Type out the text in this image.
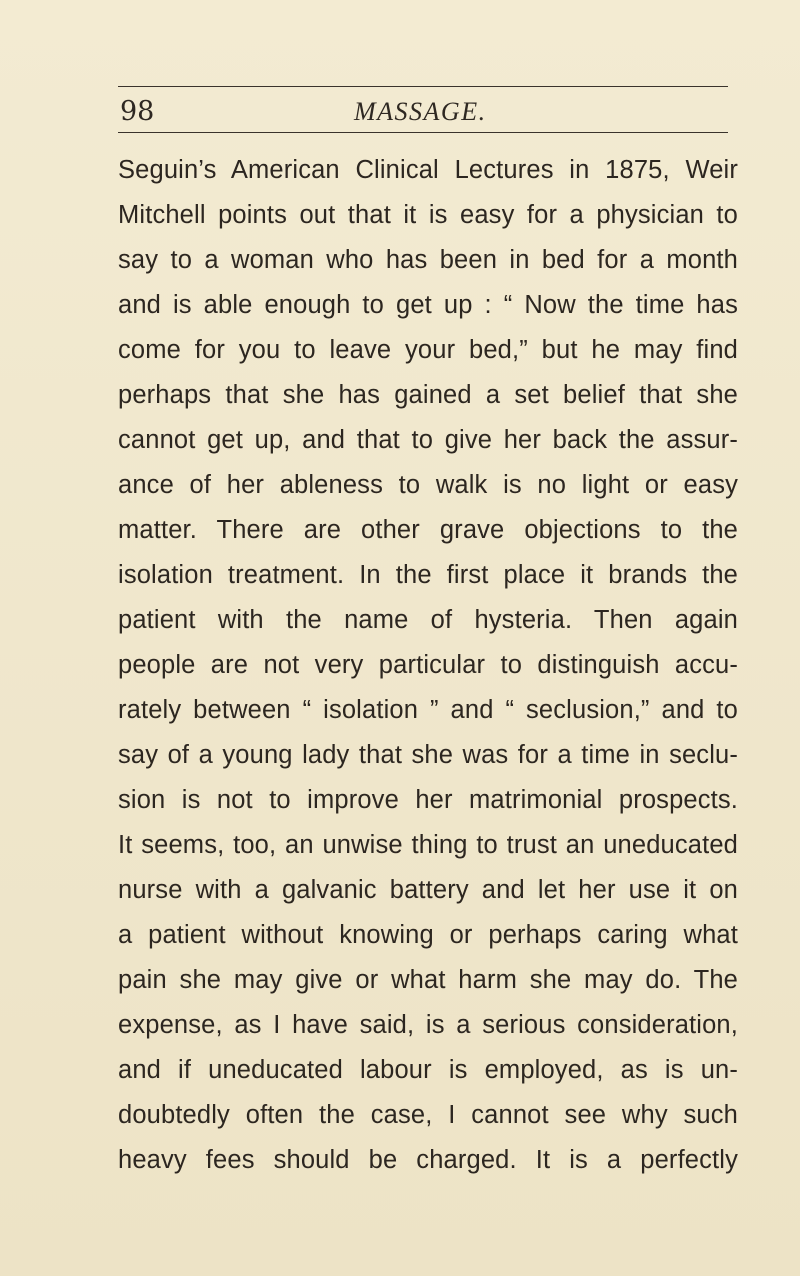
98	MASSAGE.
Seguin’s American Clinical Lectures in 1875, Weir
Mitchell points out that it is easy for a physician to
say to a woman who has been in bed for a month
and is able enough to get up : “ Now the time has
come for you to leave your bed,” but he may find
perhaps that she has gained a set belief that she
cannot get up, and that to give her back the assur-
ance of her ableness to walk is no light or easy
matter. There are other grave objections to the
isolation treatment. In the first place it brands the
patient with the name of hysteria. Then again
people are not very particular to distinguish accu-
rately between “ isolation ” and “ seclusion,” and to
say of a young lady that she was for a time in seclu-
sion is not to improve her matrimonial prospects.
It seems, too, an unwise thing to trust an uneducated
nurse with a galvanic battery and let her use it on
a patient without knowing or perhaps caring what
pain she may give or what harm she may do. The
expense, as I have said, is a serious consideration,
and if uneducated labour is employed, as is un-
doubtedly often the case, I cannot see why such
heavy fees should be charged. It is a perfectly
